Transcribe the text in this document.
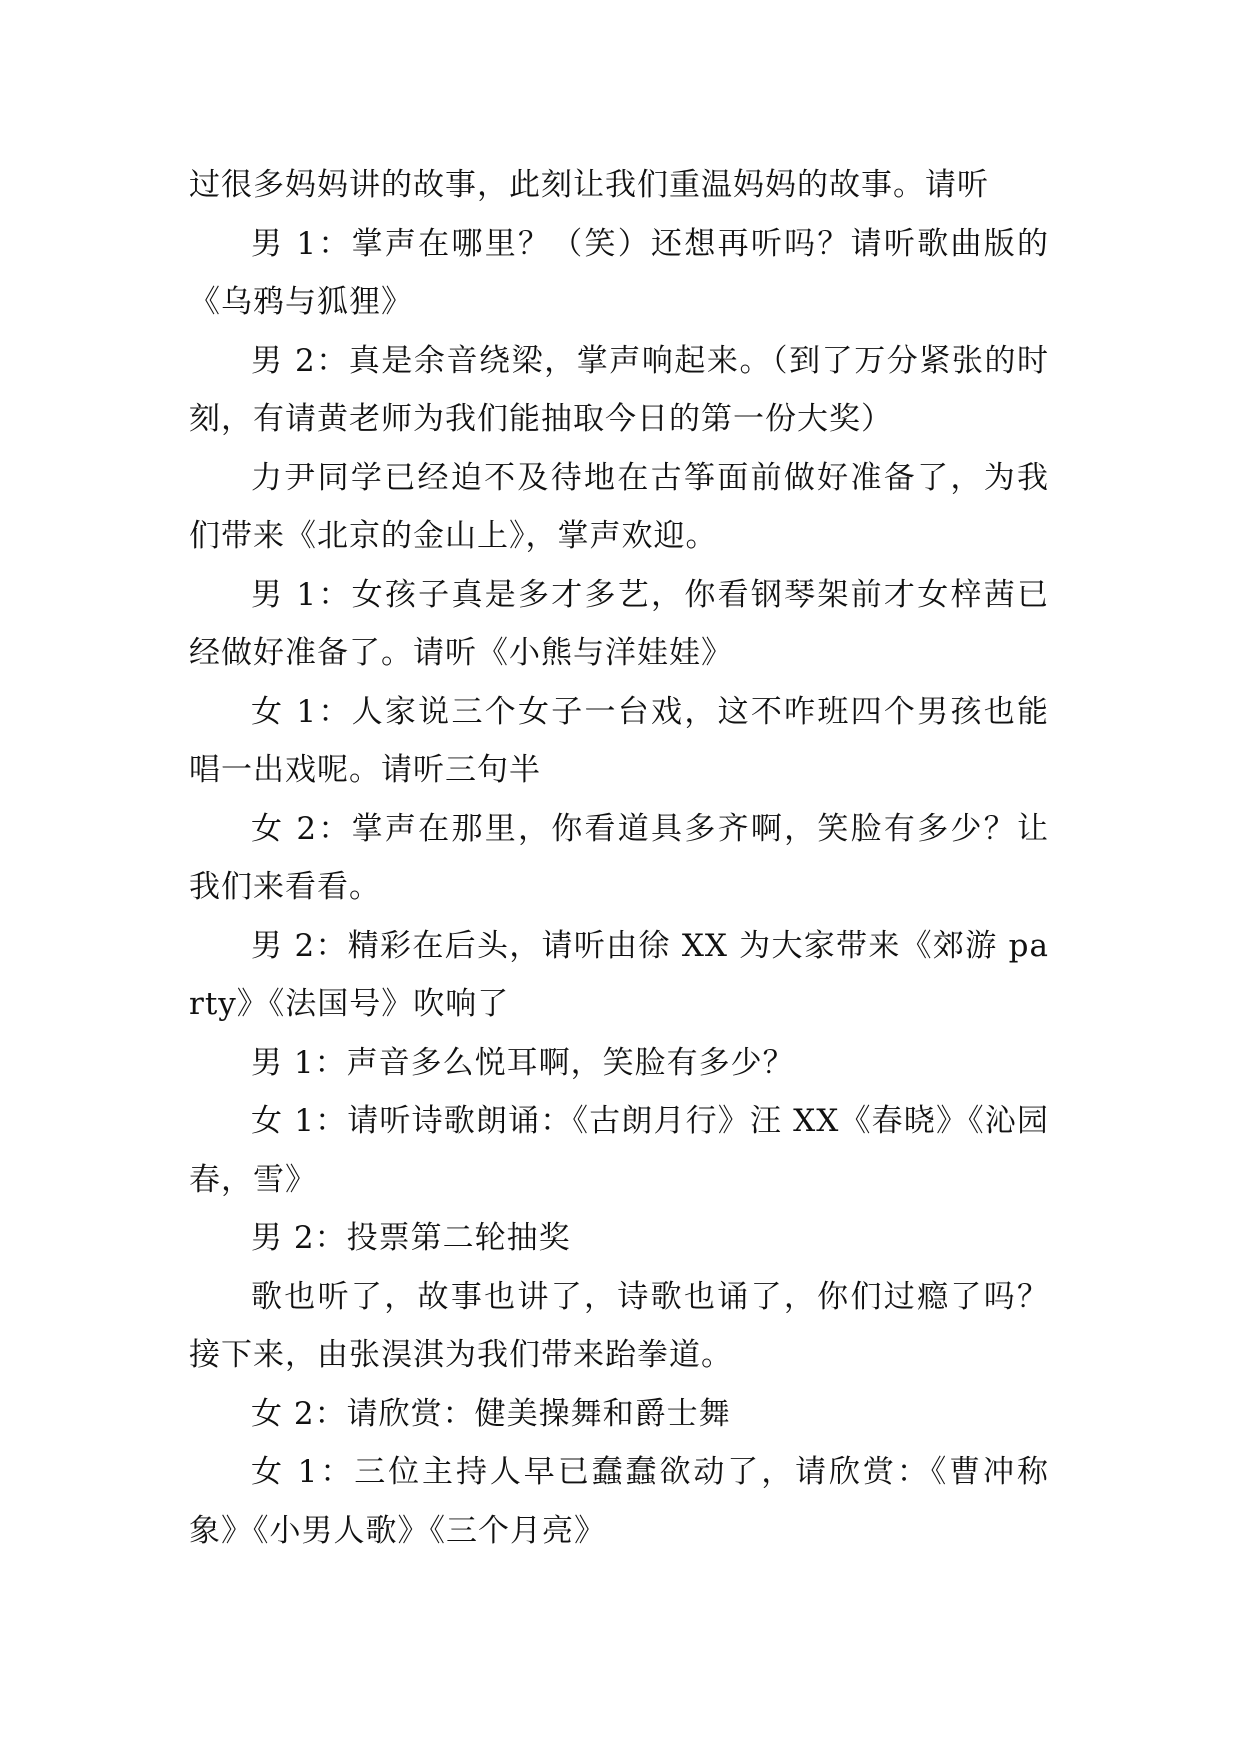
过很多妈妈讲的故事，此刻让我们重温妈妈的故事。请听

男 1：掌声在哪里？（笑）还想再听吗？请听歌曲版的《乌鸦与狐狸》

男 2：真是余音绕梁，掌声响起来。（到了万分紧张的时刻，有请黄老师为我们能抽取今日的第一份大奖）

力尹同学已经迫不及待地在古筝面前做好准备了，为我们带来《北京的金山上》，掌声欢迎。

男 1：女孩子真是多才多艺，你看钢琴架前才女梓茜已经做好准备了。请听《小熊与洋娃娃》

女 1：人家说三个女子一台戏，这不咋班四个男孩也能唱一出戏呢。请听三句半

女 2：掌声在那里，你看道具多齐啊，笑脸有多少？让我们来看看。

男 2：精彩在后头，请听由徐 XX 为大家带来《郊游 party》《法国号》吹响了

男 1：声音多么悦耳啊，笑脸有多少？

女 1：请听诗歌朗诵：《古朗月行》汪 XX《春晓》《沁园春，雪》

男 2：投票第二轮抽奖

歌也听了，故事也讲了，诗歌也诵了，你们过瘾了吗？接下来，由张淏淇为我们带来跆拳道。

女 2：请欣赏：健美操舞和爵士舞

女 1：三位主持人早已蠢蠢欲动了，请欣赏：《曹冲称象》《小男人歌》《三个月亮》
